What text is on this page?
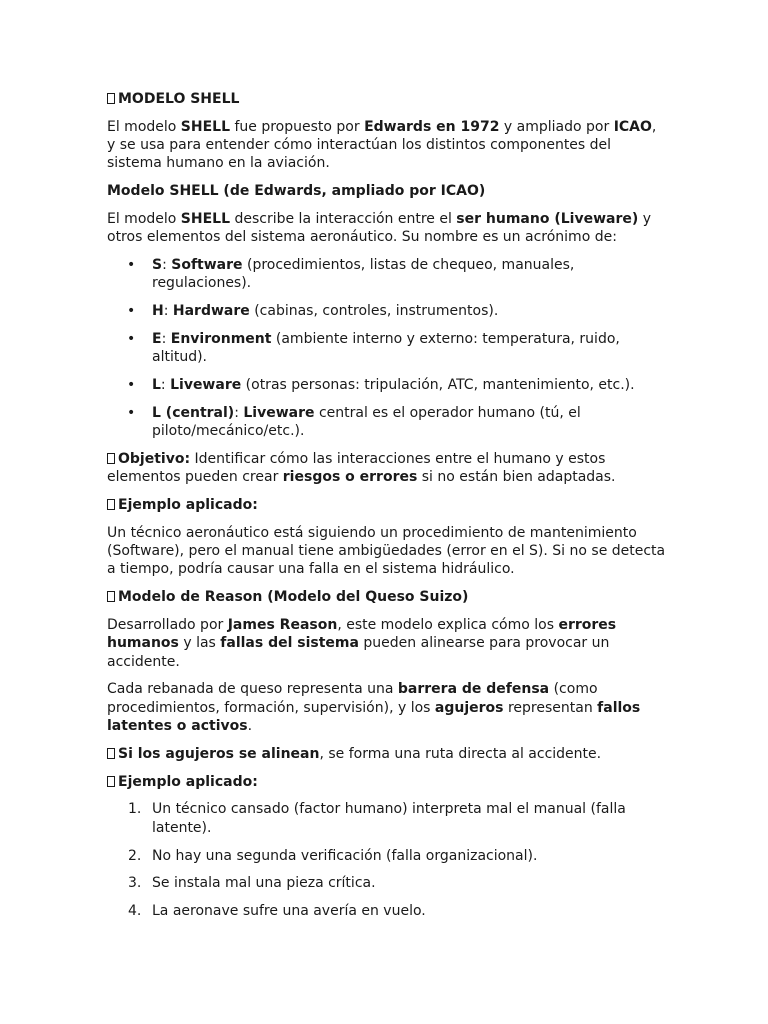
MODELO SHELL

El modelo SHELL fue propuesto por Edwards en 1972 y ampliado por ICAO, y se usa para entender cómo interactúan los distintos componentes del sistema humano en la aviación.

Modelo SHELL (de Edwards, ampliado por ICAO)

El modelo SHELL describe la interacción entre el ser humano (Liveware) y otros elementos del sistema aeronáutico. Su nombre es un acrónimo de:

• S: Software (procedimientos, listas de chequeo, manuales, regulaciones).
• H: Hardware (cabinas, controles, instrumentos).
• E: Environment (ambiente interno y externo: temperatura, ruido, altitud).
• L: Liveware (otras personas: tripulación, ATC, mantenimiento, etc.).
• L (central): Liveware central es el operador humano (tú, el piloto/mecánico/etc.).

Objetivo: Identificar cómo las interacciones entre el humano y estos elementos pueden crear riesgos o errores si no están bien adaptadas.

Ejemplo aplicado:

Un técnico aeronáutico está siguiendo un procedimiento de mantenimiento (Software), pero el manual tiene ambigüedades (error en el S). Si no se detecta a tiempo, podría causar una falla en el sistema hidráulico.

Modelo de Reason (Modelo del Queso Suizo)

Desarrollado por James Reason, este modelo explica cómo los errores humanos y las fallas del sistema pueden alinearse para provocar un accidente.

Cada rebanada de queso representa una barrera de defensa (como procedimientos, formación, supervisión), y los agujeros representan fallos latentes o activos.

Si los agujeros se alinean, se forma una ruta directa al accidente.

Ejemplo aplicado:

1. Un técnico cansado (factor humano) interpreta mal el manual (falla latente).
2. No hay una segunda verificación (falla organizacional).
3. Se instala mal una pieza crítica.
4. La aeronave sufre una avería en vuelo.
